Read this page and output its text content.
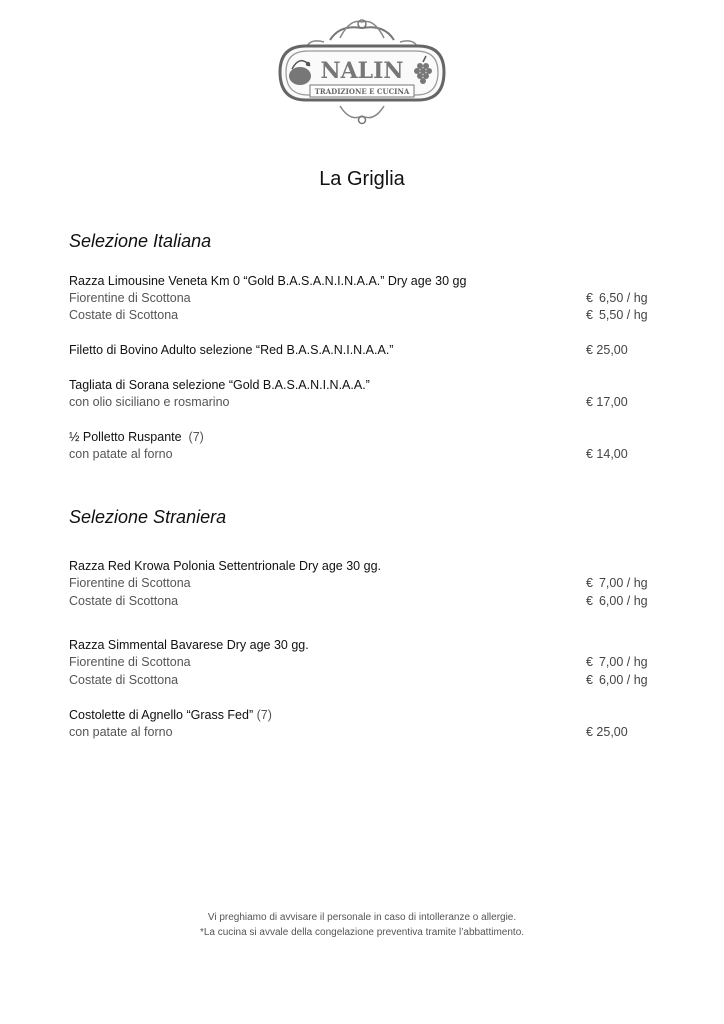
NALIN
TRADIZIONE E CUCINA
La Griglia
Selezione Italiana
Razza Limousine Veneta Km 0 “Gold B.A.S.A.N.I.N.A.A.” Dry age 30 gg
Fiorentine di Scottona	€ 6,50 / hg
Costate di Scottona	€ 5,50 / hg
Filetto di Bovino Adulto selezione “Red B.A.S.A.N.I.N.A.A.”	€ 25,00
Tagliata di Sorana selezione “Gold B.A.S.A.N.I.N.A.A.”
con olio siciliano e rosmarino	€ 17,00
½ Polletto Ruspante (7)
con patate al forno	€ 14,00
Selezione Straniera
Razza Red Krowa Polonia Settentrionale Dry age 30 gg.
Fiorentine di Scottona	€ 7,00 / hg
Costate di Scottona	€ 6,00 / hg
Razza Simmental Bavarese Dry age 30 gg.
Fiorentine di Scottona	€ 7,00 / hg
Costate di Scottona	€ 6,00 / hg
Costolette di Agnello “Grass Fed” (7)
con patate al forno	€ 25,00
Vi preghiamo di avvisare il personale in caso di intolleranze o allergie.
*La cucina si avvale della congelazione preventiva tramite l’abbattimento.
